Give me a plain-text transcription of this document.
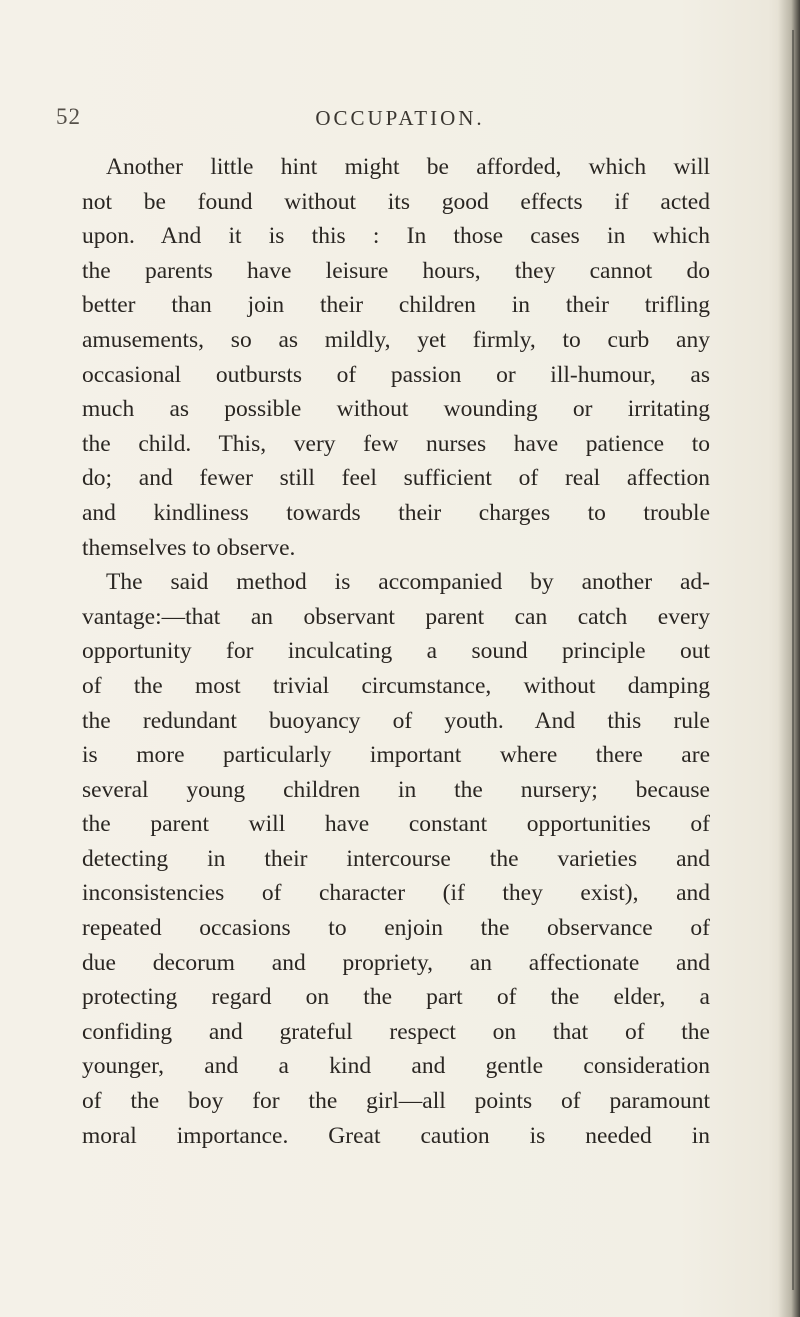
52	OCCUPATION.
Another little hint might be afforded, which will
not be found without its good effects if acted
upon. And it is this : In those cases in which
the parents have leisure hours, they cannot do
better than join their children in their trifling
amusements, so as mildly, yet firmly, to curb any
occasional outbursts of passion or ill-humour, as
much as possible without wounding or irritating
the child. This, very few nurses have patience to
do; and fewer still feel sufficient of real affection
and kindliness towards their charges to trouble
themselves to observe.
The said method is accompanied by another ad-
vantage:—that an observant parent can catch every
opportunity for inculcating a sound principle out
of the most trivial circumstance, without damping
the redundant buoyancy of youth. And this rule
is more particularly important where there are
several young children in the nursery; because
the parent will have constant opportunities of
detecting in their intercourse the varieties and
inconsistencies of character (if they exist), and
repeated occasions to enjoin the observance of
due decorum and propriety, an affectionate and
protecting regard on the part of the elder, a
confiding and grateful respect on that of the
younger, and a kind and gentle consideration
of the boy for the girl—all points of paramount
moral importance. Great caution is needed in
